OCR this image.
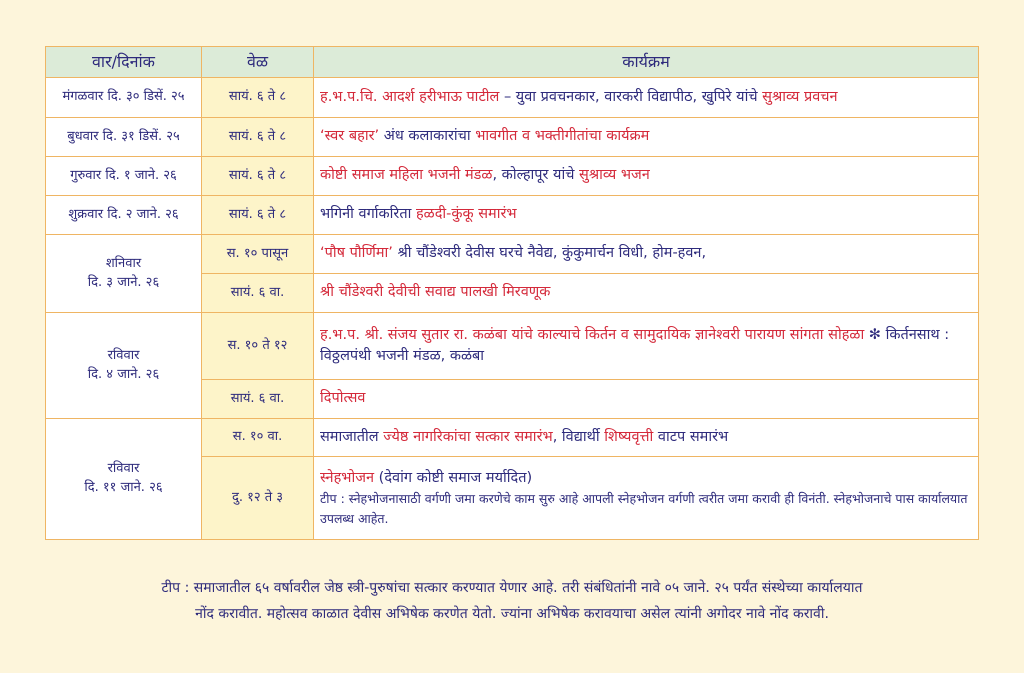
वार/दिनांक	वेळ	कार्यक्रम

मंगळवार दि. ३० डिसें. २५	सायं. ६ ते ८	ह.भ.प.चि. आदर्श हरीभाऊ पाटील – युवा प्रवचनकार, वारकरी विद्यापीठ, खुपिरे यांचे सुश्राव्य प्रवचन

बुधवार दि. ३१ डिसें. २५	सायं. ६ ते ८	‘स्वर बहार’ अंध कलाकारांचा भावगीत व भक्तीगीतांचा कार्यक्रम

गुरुवार दि. १ जाने. २६	सायं. ६ ते ८	कोष्टी समाज महिला भजनी मंडळ, कोल्हापूर यांचे सुश्राव्य भजन

शुक्रवार दि. २ जाने. २६	सायं. ६ ते ८	भगिनी वर्गाकरिता हळदी-कुंकू समारंभ

शनिवार
दि. ३ जाने. २६	स. १० पासून	‘पौष पौर्णिमा’ श्री चौंडेश्वरी देवीस घरचे नैवेद्य, कुंकुमार्चन विधी, होम-हवन,
	सायं. ६ वा.	श्री चौंडेश्वरी देवीची सवाद्य पालखी मिरवणूक

रविवार
दि. ४ जाने. २६	स. १० ते १२	ह.भ.प. श्री. संजय सुतार रा. कळंबा यांचे काल्याचे किर्तन व सामुदायिक ज्ञानेश्वरी पारायण सांगता सोहळा ✻ किर्तनसाथ : विठ्ठलपंथी भजनी मंडळ, कळंबा
	सायं. ६ वा.	दिपोत्सव

रविवार
दि. ११ जाने. २६	स. १० वा.	समाजातील ज्येष्ठ नागरिकांचा सत्कार समारंभ, विद्यार्थी शिष्यवृत्ती वाटप समारंभ
	दु. १२ ते ३	स्नेहभोजन (देवांग कोष्टी समाज मर्यादित)
टीप : स्नेहभोजनासाठी वर्गणी जमा करणेचे काम सुरु आहे आपली स्नेहभोजन वर्गणी त्वरीत जमा करावी ही विनंती. स्नेहभोजनाचे पास कार्यालयात उपलब्ध आहेत.
टीप : समाजातील ६५ वर्षावरील जेष्ठ स्त्री-पुरुषांचा सत्कार करण्यात येणार आहे. तरी संबंधितांनी नावे ०५ जाने. २५ पर्यंत संस्थेच्या कार्यालयात
नोंद करावीत. महोत्सव काळात देवीस अभिषेक करणेत येतो. ज्यांना अभिषेक करावयाचा असेल त्यांनी अगोदर नावे नोंद करावी.
